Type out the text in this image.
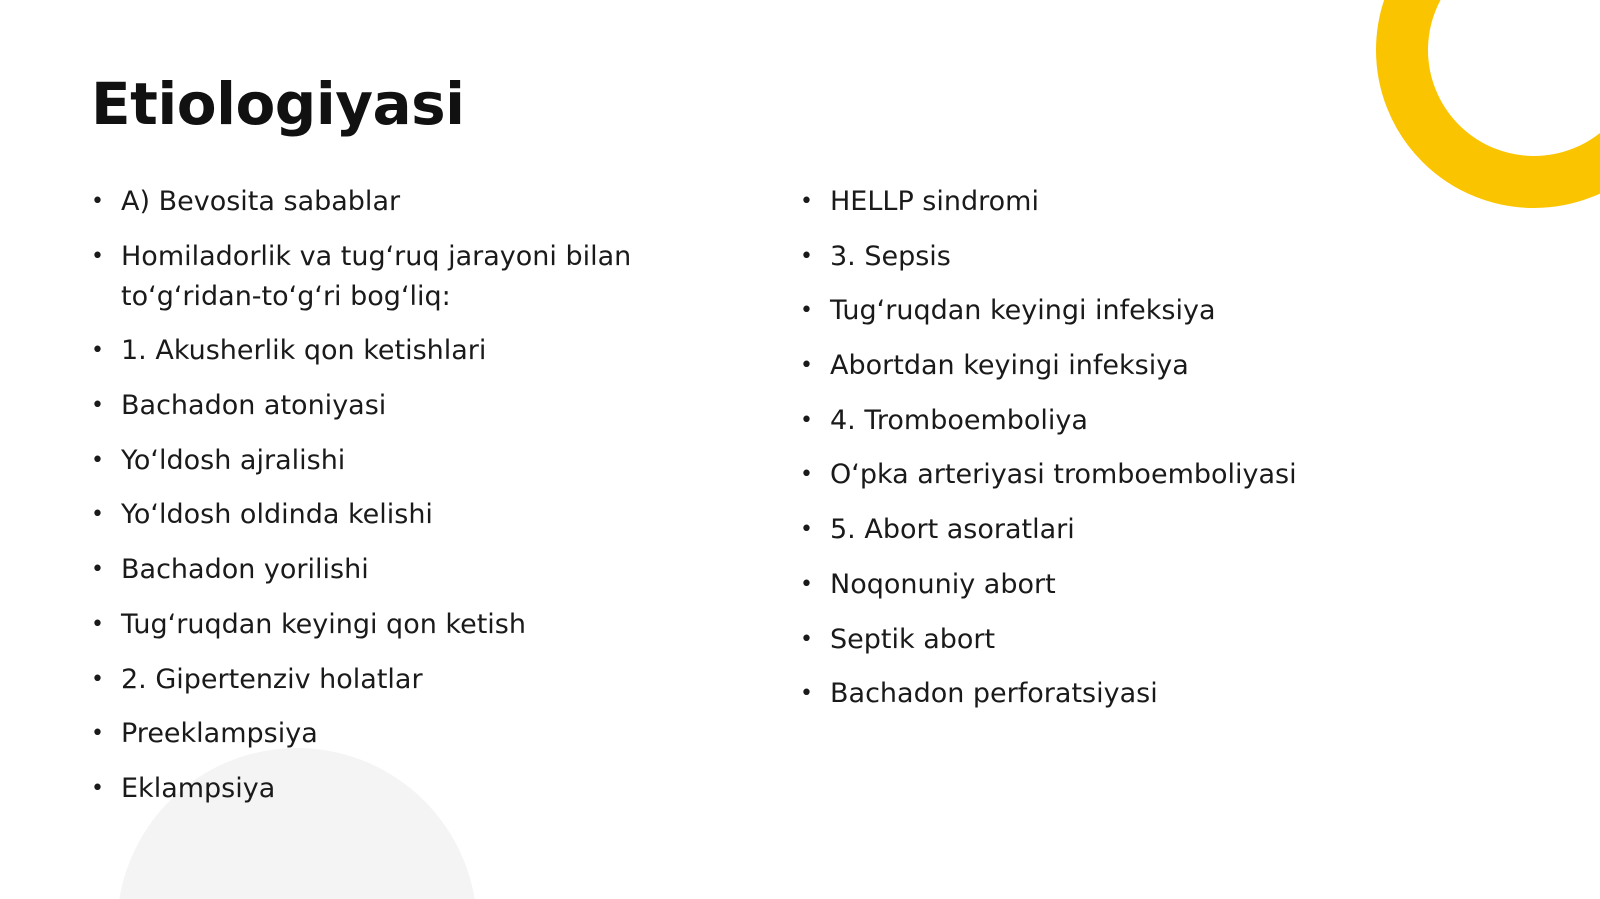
Etiologiyasi
• A) Bevosita sabablar
• Homiladorlik va tug‘ruq jarayoni bilan to‘g‘ridan-to‘g‘ri bog‘liq:
• 1. Akusherlik qon ketishlari
• Bachadon atoniyasi
• Yo‘ldosh ajralishi
• Yo‘ldosh oldinda kelishi
• Bachadon yorilishi
• Tug‘ruqdan keyingi qon ketish
• 2. Gipertenziv holatlar
• Preeklampsiya
• Eklampsiya
• HELLP sindromi
• 3. Sepsis
• Tug‘ruqdan keyingi infeksiya
• Abortdan keyingi infeksiya
• 4. Tromboemboliya
• O‘pka arteriyasi tromboemboliyasi
• 5. Abort asoratlari
• Noqonuniy abort
• Septik abort
• Bachadon perforatsiyasi
